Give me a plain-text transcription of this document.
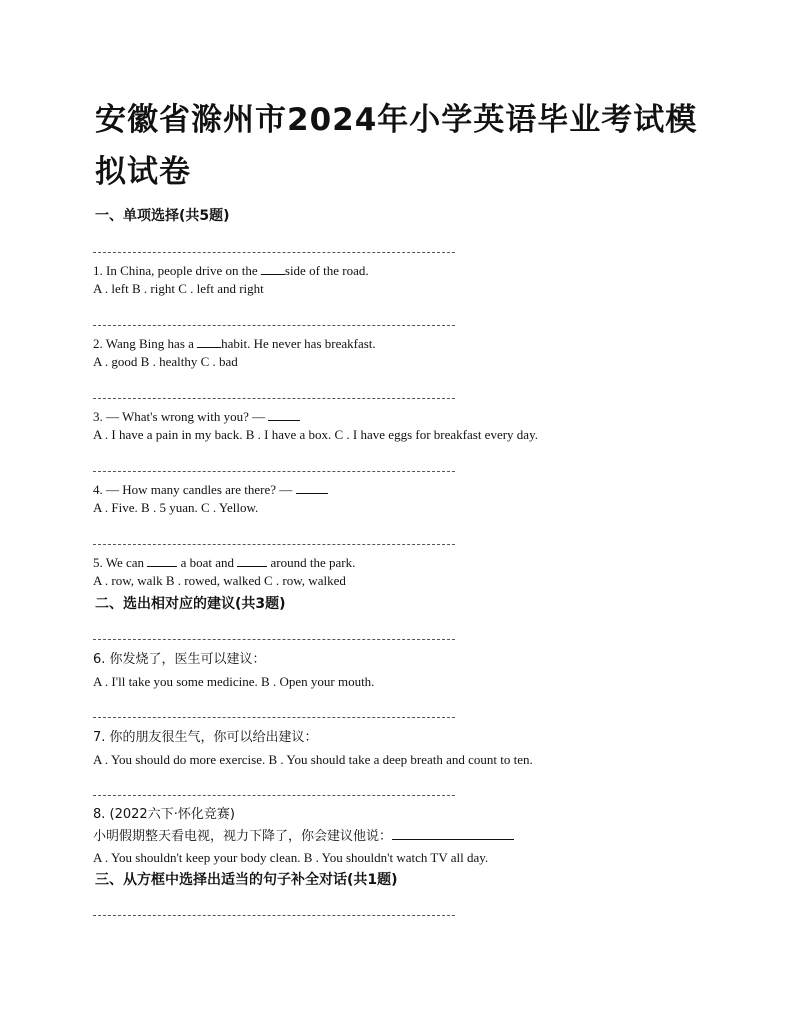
安徽省滁州市2024年小学英语毕业考试模拟试卷
一、单项选择(共5题)
1. In China, people drive on the side of the road.
A . left B . right C . left and right
2. Wang Bing has a habit. He never has breakfast.
A . good B . healthy C . bad
3. — What's wrong with you? —
A . I have a pain in my back. B . I have a box. C . I have eggs for breakfast every day.
4. — How many candles are there? —
A . Five. B . 5 yuan. C . Yellow.
5. We can  a boat and  around the park.
A . row, walk B . rowed, walked C . row, walked
二、选出相对应的建议(共3题)
6. 你发烧了，医生可以建议：
A . I'll take you some medicine. B . Open your mouth.
7. 你的朋友很生气，你可以给出建议：
A . You should do more exercise. B . You should take a deep breath and count to ten.
8. (2022六下·怀化竞赛)
小明假期整天看电视，视力下降了，你会建议他说：
A . You shouldn't keep your body clean. B . You shouldn't watch TV all day.
三、从方框中选择出适当的句子补全对话(共1题)
